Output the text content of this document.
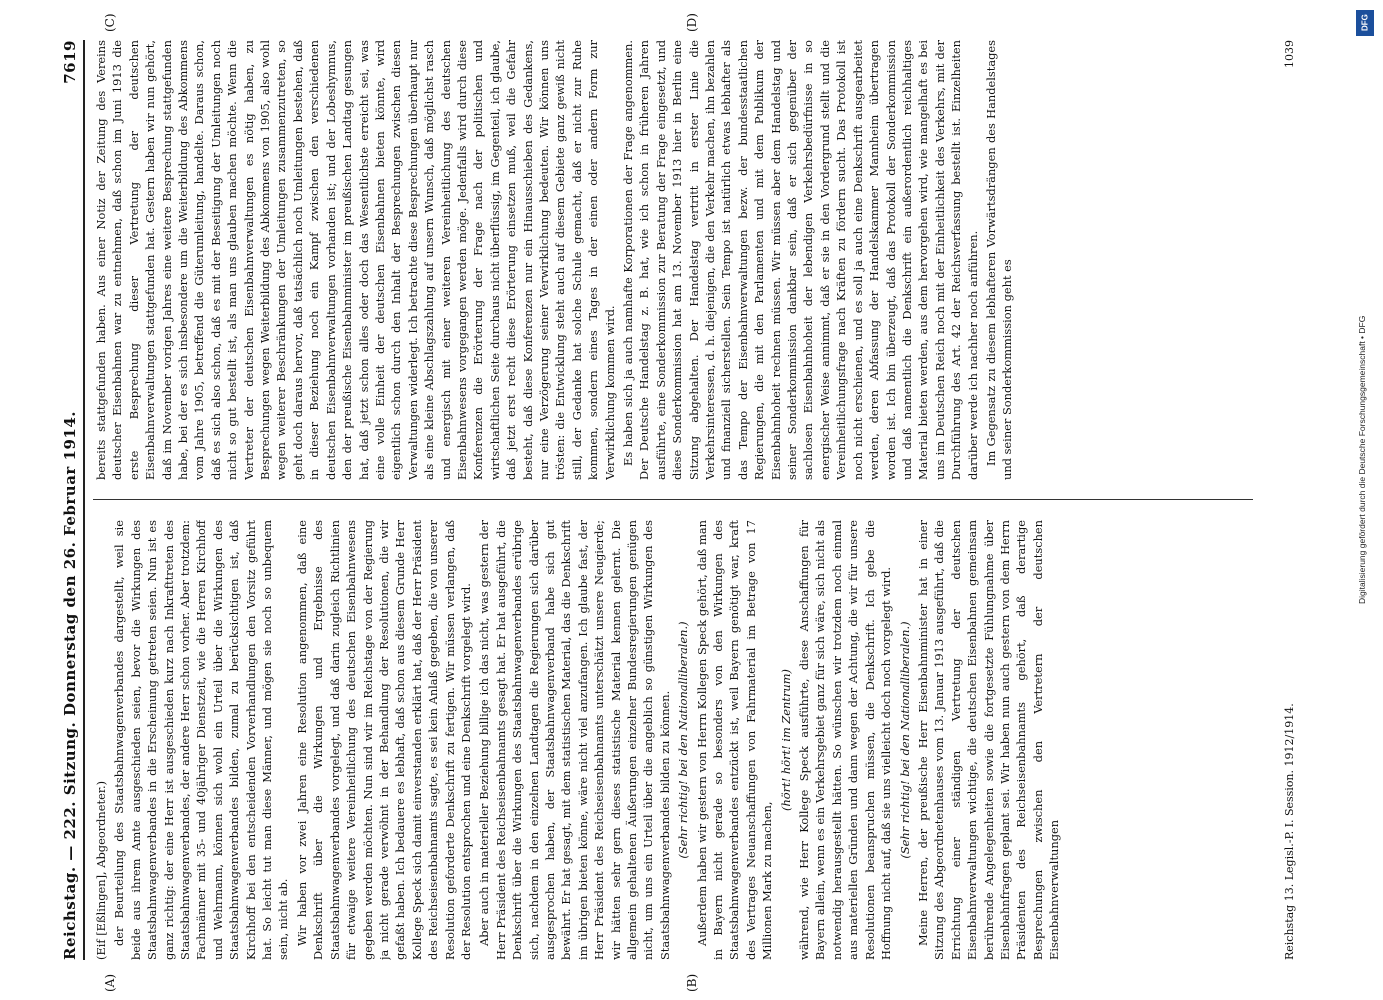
Reichstag. — 222. Sitzung. Donnerstag den 26. Februar 1914.
7619

(Eif [Eßlingen], Abgeordneter.) der Beurteilung des Staatsbahnwagenverbandes dargestellt, weil sie beide aus ihrem Amte ausgeschieden seien, bevor die Wirkungen des Staatsbahnwagenverbandes in die Erscheinung getreten seien. Nun ist es ganz richtig: der eine Herr ist ausgeschieden kurz nach Inkrafttreten des Staatsbahnwagenverbandes, der andere Herr schon vorher. Aber trotzdem: Fachmänner mit 35- und 40jähriger Dienstzeit, wie die Herren Kirchhoff und Wehrmann, können sich wohl ein Urteil über die Wirkungen des Staatsbahnwagenverbandes bilden, zumal zu berücksichtigen ist, daß Kirchhoff bei den entscheidenden Vorverhandlungen den Vorsitz geführt hat. So leicht tut man diese Männer, und mögen sie noch so unbequem sein, nicht ab. Wir haben vor zwei Jahren eine Resolution angenommen, daß eine Denkschrift über die Wirkungen und Ergebnisse des Staatsbahnwagenverbandes vorgelegt, und daß darin zugleich Richtlinien für etwaige weitere Vereinheitlichung des deutschen Eisenbahnwesens gegeben werden möchten. Nun sind wir im Reichstage von der Regierung ja nicht gerade verwöhnt in der Behandlung der Resolutionen, die wir gefaßt haben. Ich bedauere es lebhaft, daß schon aus diesem Grunde Herr Kollege Speck sich damit einverstanden erklärt hat, daß der Herr Präsident des Reichseisenbahnamts sagte, es sei kein Anlaß gegeben, die von unserer Resolution geforderte Denkschrift zu fertigen. Wir müssen verlangen, daß der Resolution entsprochen und eine Denkschrift vorgelegt wird. Aber auch in materieller Beziehung billige ich das nicht, was gestern der Herr Präsident des Reichseisenbahnamts gesagt hat. Er hat ausgeführt, die Denkschrift über die Wirkungen des Staatsbahnwagenverbandes erübrige sich, nachdem in den einzelnen Landtagen die Regierungen sich darüber ausgesprochen haben, der Staatsbahnwagenverband habe sich gut bewährt. Er hat gesagt, mit dem statistischen Material, das die Denkschrift im übrigen bieten könne, wäre nicht viel anzufangen. Ich glaube fast, der Herr Präsident des Reichseisenbahnamts unterschätzt unsere Neugierde; wir hätten sehr gern dieses statistische Material kennen gelernt. Die allgemein gehaltenen Äußerungen einzelner Bundesregierungen genügen nicht, um uns ein Urteil über die angeblich so günstigen Wirkungen des Staatsbahnwagenverbandes bilden zu können. (Sehr richtig! bei den Nationalliberalen.) Außerdem haben wir gestern von Herrn Kollegen Speck gehört, daß man in Bayern nicht gerade so besonders von den Wirkungen des Staatsbahnwagenverbandes entzückt ist, weil Bayern genötigt war, kraft des Vertrages Neuanschaffungen von Fahrmaterial im Betrage von 17 Millionen Mark zu machen,

(hört! hört! im Zentrum) während, wie Herr Kollege Speck ausführte, diese Anschaffungen für Bayern allein, wenn es ein Verkehrsgebiet ganz für sich wäre, sich nicht als notwendig herausgestellt hätten. So wünschen wir trotzdem noch einmal aus materiellen Gründen und dann wegen der Achtung, die wir für unsere Resolutionen beanspruchen müssen, die Denkschrift. Ich gebe die Hoffnung nicht auf, daß sie uns vielleicht doch noch vorgelegt wird. (Sehr richtig! bei den Nationalliberalen.) Meine Herren, der preußische Herr Eisenbahnminister hat in einer Sitzung des Abgeordnetenhauses vom 13. Januar 1913 ausgeführt, daß die Errichtung einer ständigen Vertretung der deutschen Eisenbahnverwaltungen wichtige, die deutschen Eisenbahnen gemeinsam berührende Angelegenheiten sowie die fortgesetzte Fühlungnahme über Eisenbahnfragen geplant sei. Wir haben nun auch gestern von dem Herrn Präsidenten des Reichseisenbahnamts gehört, daß derartige Besprechungen zwischen den Vertretern der deutschen Eisenbahnverwaltungen

bereits stattgefunden haben. Aus einer Notiz der Zeitung des Vereins deutscher Eisenbahnen war zu entnehmen, daß schon im Juni 1913 die erste Besprechung dieser Vertretung der deutschen Eisenbahnverwaltungen stattgefunden hat. Gestern haben wir nun gehört, daß im November vorigen Jahres eine weitere Besprechung stattgefunden habe, bei der es sich insbesondere um die Weiterbildung des Abkommens vom Jahre 1905, betreffend die Güterumleitung, handelte. Daraus schon, daß es sich also schon, daß es mit der Beseitigung der Umleitungen noch nicht so gut bestellt ist, als man uns glauben machen möchte. Wenn die Vertreter der deutschen Eisenbahnverwaltungen es nötig haben, zu Besprechungen wegen Weiterbildung des Abkommens von 1905, also wohl wegen weiterer Beschränkungen der Umleitungen zusammenzutreten, so geht doch daraus hervor, daß tatsächlich noch Umleitungen bestehen, daß in dieser Beziehung noch ein Kampf zwischen den verschiedenen deutschen Eisenbahnverwaltungen vorhanden ist; und der Lobeshymnus, den der preußische Eisenbahnminister im preußischen Landtag gesungen hat, daß jetzt schon alles oder doch das Wesentlichste erreicht sei, was eine volle Einheit der deutschen Eisenbahnen bieten könnte, wird eigentlich schon durch den Inhalt der Besprechungen zwischen diesen Verwaltungen widerlegt. Ich betrachte diese Besprechungen überhaupt nur als eine kleine Abschlagszahlung auf unsern Wunsch, daß möglichst rasch und energisch mit einer weiteren Vereinheitlichung des deutschen Eisenbahnwesens vorgegangen werden möge. Jedenfalls wird durch diese Konferenzen die Erörterung der Frage nach der politischen und wirtschaftlichen Seite durchaus nicht überflüssig, im Gegenteil, ich glaube, daß jetzt erst recht diese Erörterung einsetzen muß, weil die Gefahr besteht, daß diese Konferenzen nur ein Hinausschieben des Gedankens, nur eine Verzögerung seiner Verwirklichung bedeuten. Wir können uns trösten: die Entwicklung steht auch auf diesem Gebiete ganz gewiß nicht still, der Gedanke hat solche Schule gemacht, daß er nicht zur Ruhe kommen, sondern eines Tages in der einen oder andern Form zur Verwirklichung kommen wird. Es haben sich ja auch namhafte Korporationen der Frage angenommen. Der Deutsche Handelstag z. B. hat, wie ich schon in früheren Jahren ausführte, eine Sonderkommission zur Beratung der Frage eingesetzt, und diese Sonderkommission hat am 13. November 1913 hier in Berlin eine Sitzung abgehalten. Der Handelstag vertritt in erster Linie die Verkehrsinteressen, d. h. diejenigen, die den Verkehr machen, ihn bezahlen und finanziell sicherstellen. Sein Tempo ist natürlich etwas lebhafter als das Tempo der Eisenbahnverwaltungen bezw. der bundesstaatlichen Regierungen, die mit den Parlamenten und mit dem Publikum der Eisenbahnhoheit rechnen müssen. Wir müssen aber dem Handelstag und seiner Sonderkommission dankbar sein, daß er sich gegenüber der sachlosen Eisenbahnhoheit der lebendigen Verkehrsbedürfnisse in so energischer Weise annimmt, daß er sie in den Vordergrund stellt und die Vereinheitlichungsfrage nach Kräften zu fördern sucht. Das Protokoll ist noch nicht erschienen, und es soll ja auch eine Denkschrift ausgearbeitet werden, deren Abfassung der Handelskammer Mannheim übertragen worden ist. Ich bin überzeugt, daß das Protokoll der Sonderkommission und daß namentlich die Denkschrift ein außerordentlich reichhaltiges Material bieten werden, aus dem hervorgehen wird, wie mangelhaft es bei uns im Deutschen Reich noch mit der Einheitlichkeit des Verkehrs, mit der Durchführung des Art. 42 der Reichsverfassung bestellt ist. Einzelheiten darüber werde ich nachher noch anführen. Im Gegensatz zu diesem lebhafteren Vorwärtsdrängen des Handelstages und seiner Sonderkommission geht es

Reichstag 13. Legisl.-P. I. Session. 1912/1914.
1039
(A)	(B)
(C)	(D)	DFG
Digitalisierung gefördert durch die Deutsche Forschungsgemeinschaft • DFG
